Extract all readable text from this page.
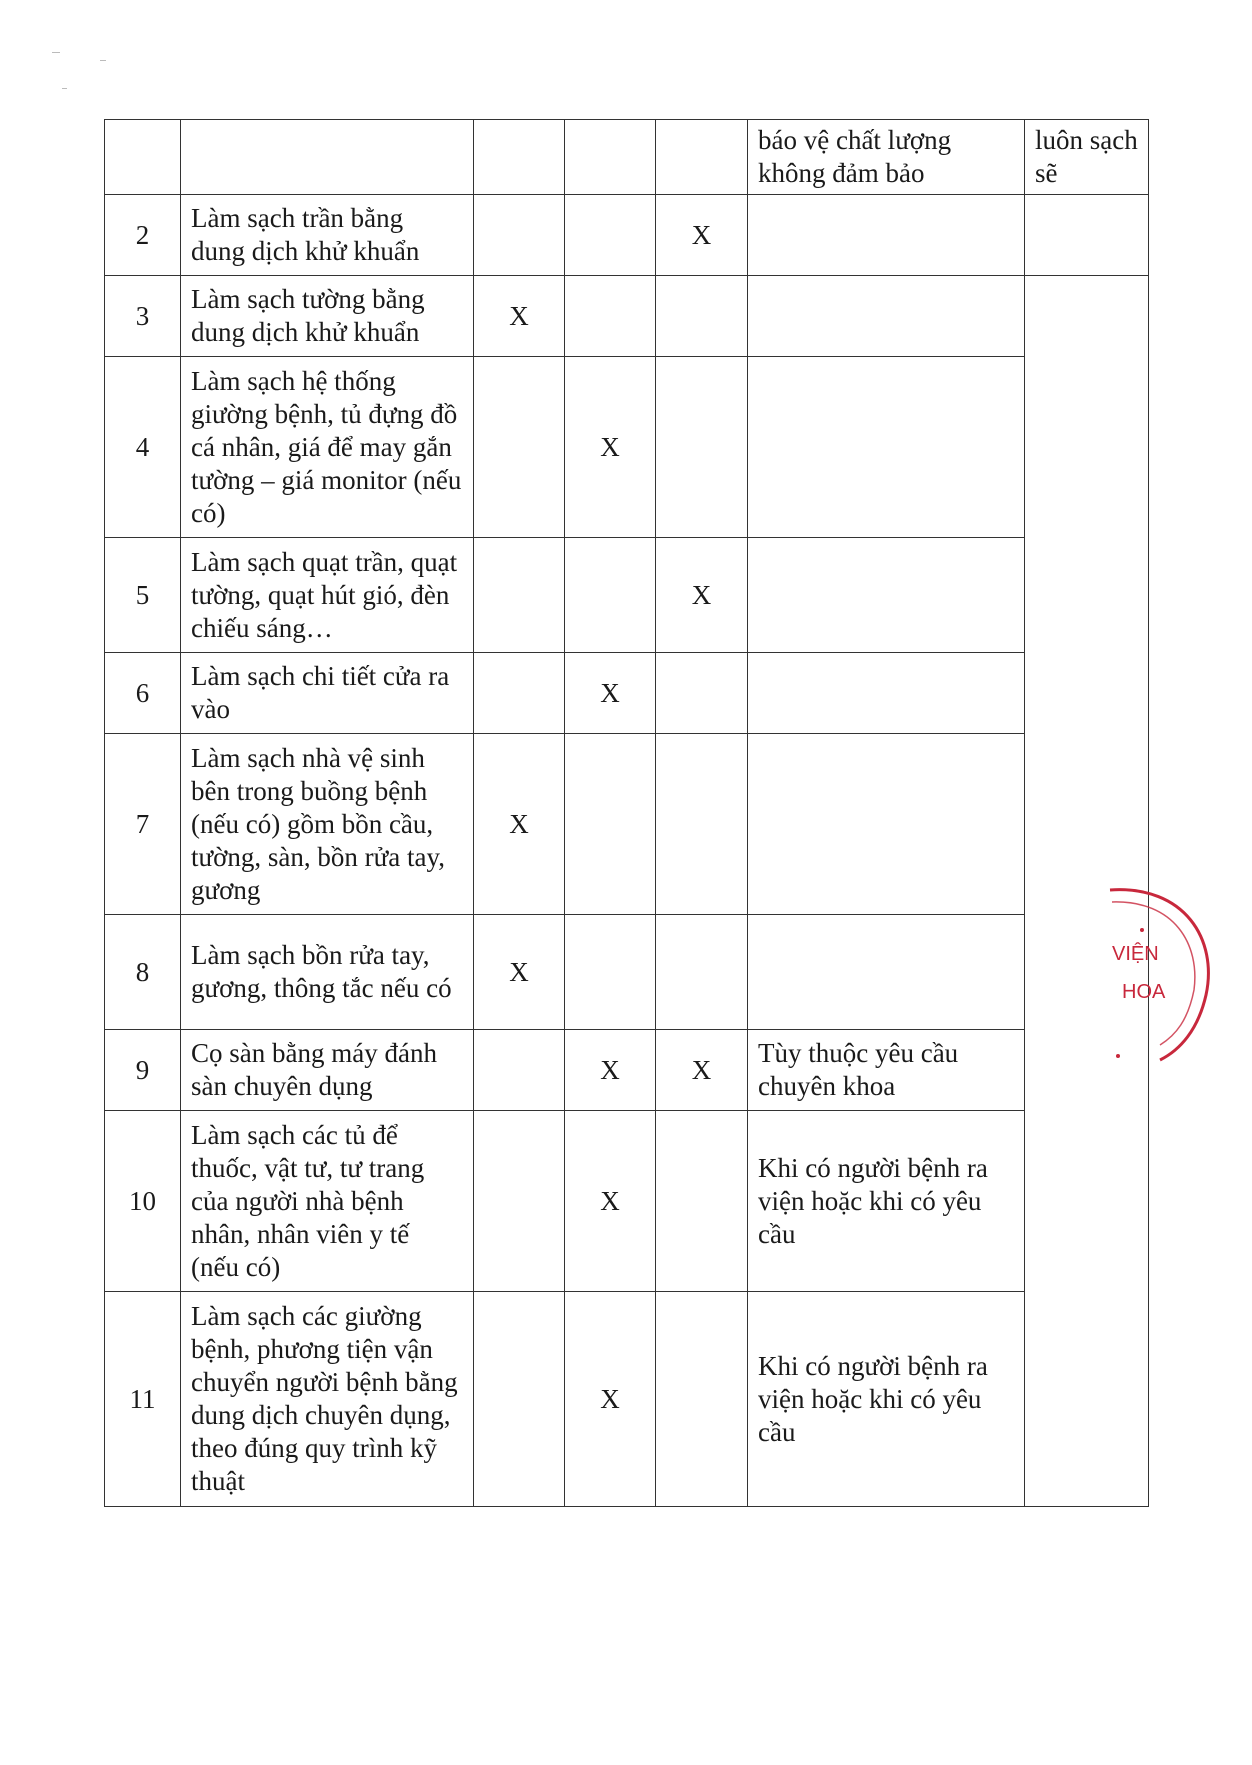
					báo vệ chất lượng không đảm bảo	luôn sạch sẽ	
2	Làm sạch trần bằng dung dịch khử khuẩn			X			
3	Làm sạch tường bằng dung dịch khử khuẩn	X					
4	Làm sạch hệ thống giường bệnh, tủ đựng đồ cá nhân, giá để may gắn tường – giá monitor (nếu có)		X				
5	Làm sạch quạt trần, quạt tường, quạt hút gió, đèn chiếu sáng…			X			
6	Làm sạch chi tiết cửa ra vào		X				
7	Làm sạch nhà vệ sinh bên trong buồng bệnh (nếu có) gồm bồn cầu, tường, sàn, bồn rửa tay, gương	X					
8	Làm sạch bồn rửa tay, gương, thông tắc nếu có	X					
9	Cọ sàn bằng máy đánh sàn chuyên dụng		X	X	Tùy thuộc yêu cầu chuyên khoa		
10	Làm sạch các tủ để thuốc, vật tư, tư trang của người nhà bệnh nhân, nhân viên y tế (nếu có)		X		Khi có người bệnh ra viện hoặc khi có yêu cầu		
11	Làm sạch các giường bệnh, phương tiện vận chuyển người bệnh bằng dung dịch chuyên dụng, theo đúng quy trình kỹ thuật		X		Khi có người bệnh ra viện hoặc khi có yêu cầu		
VIỆN
HOA
